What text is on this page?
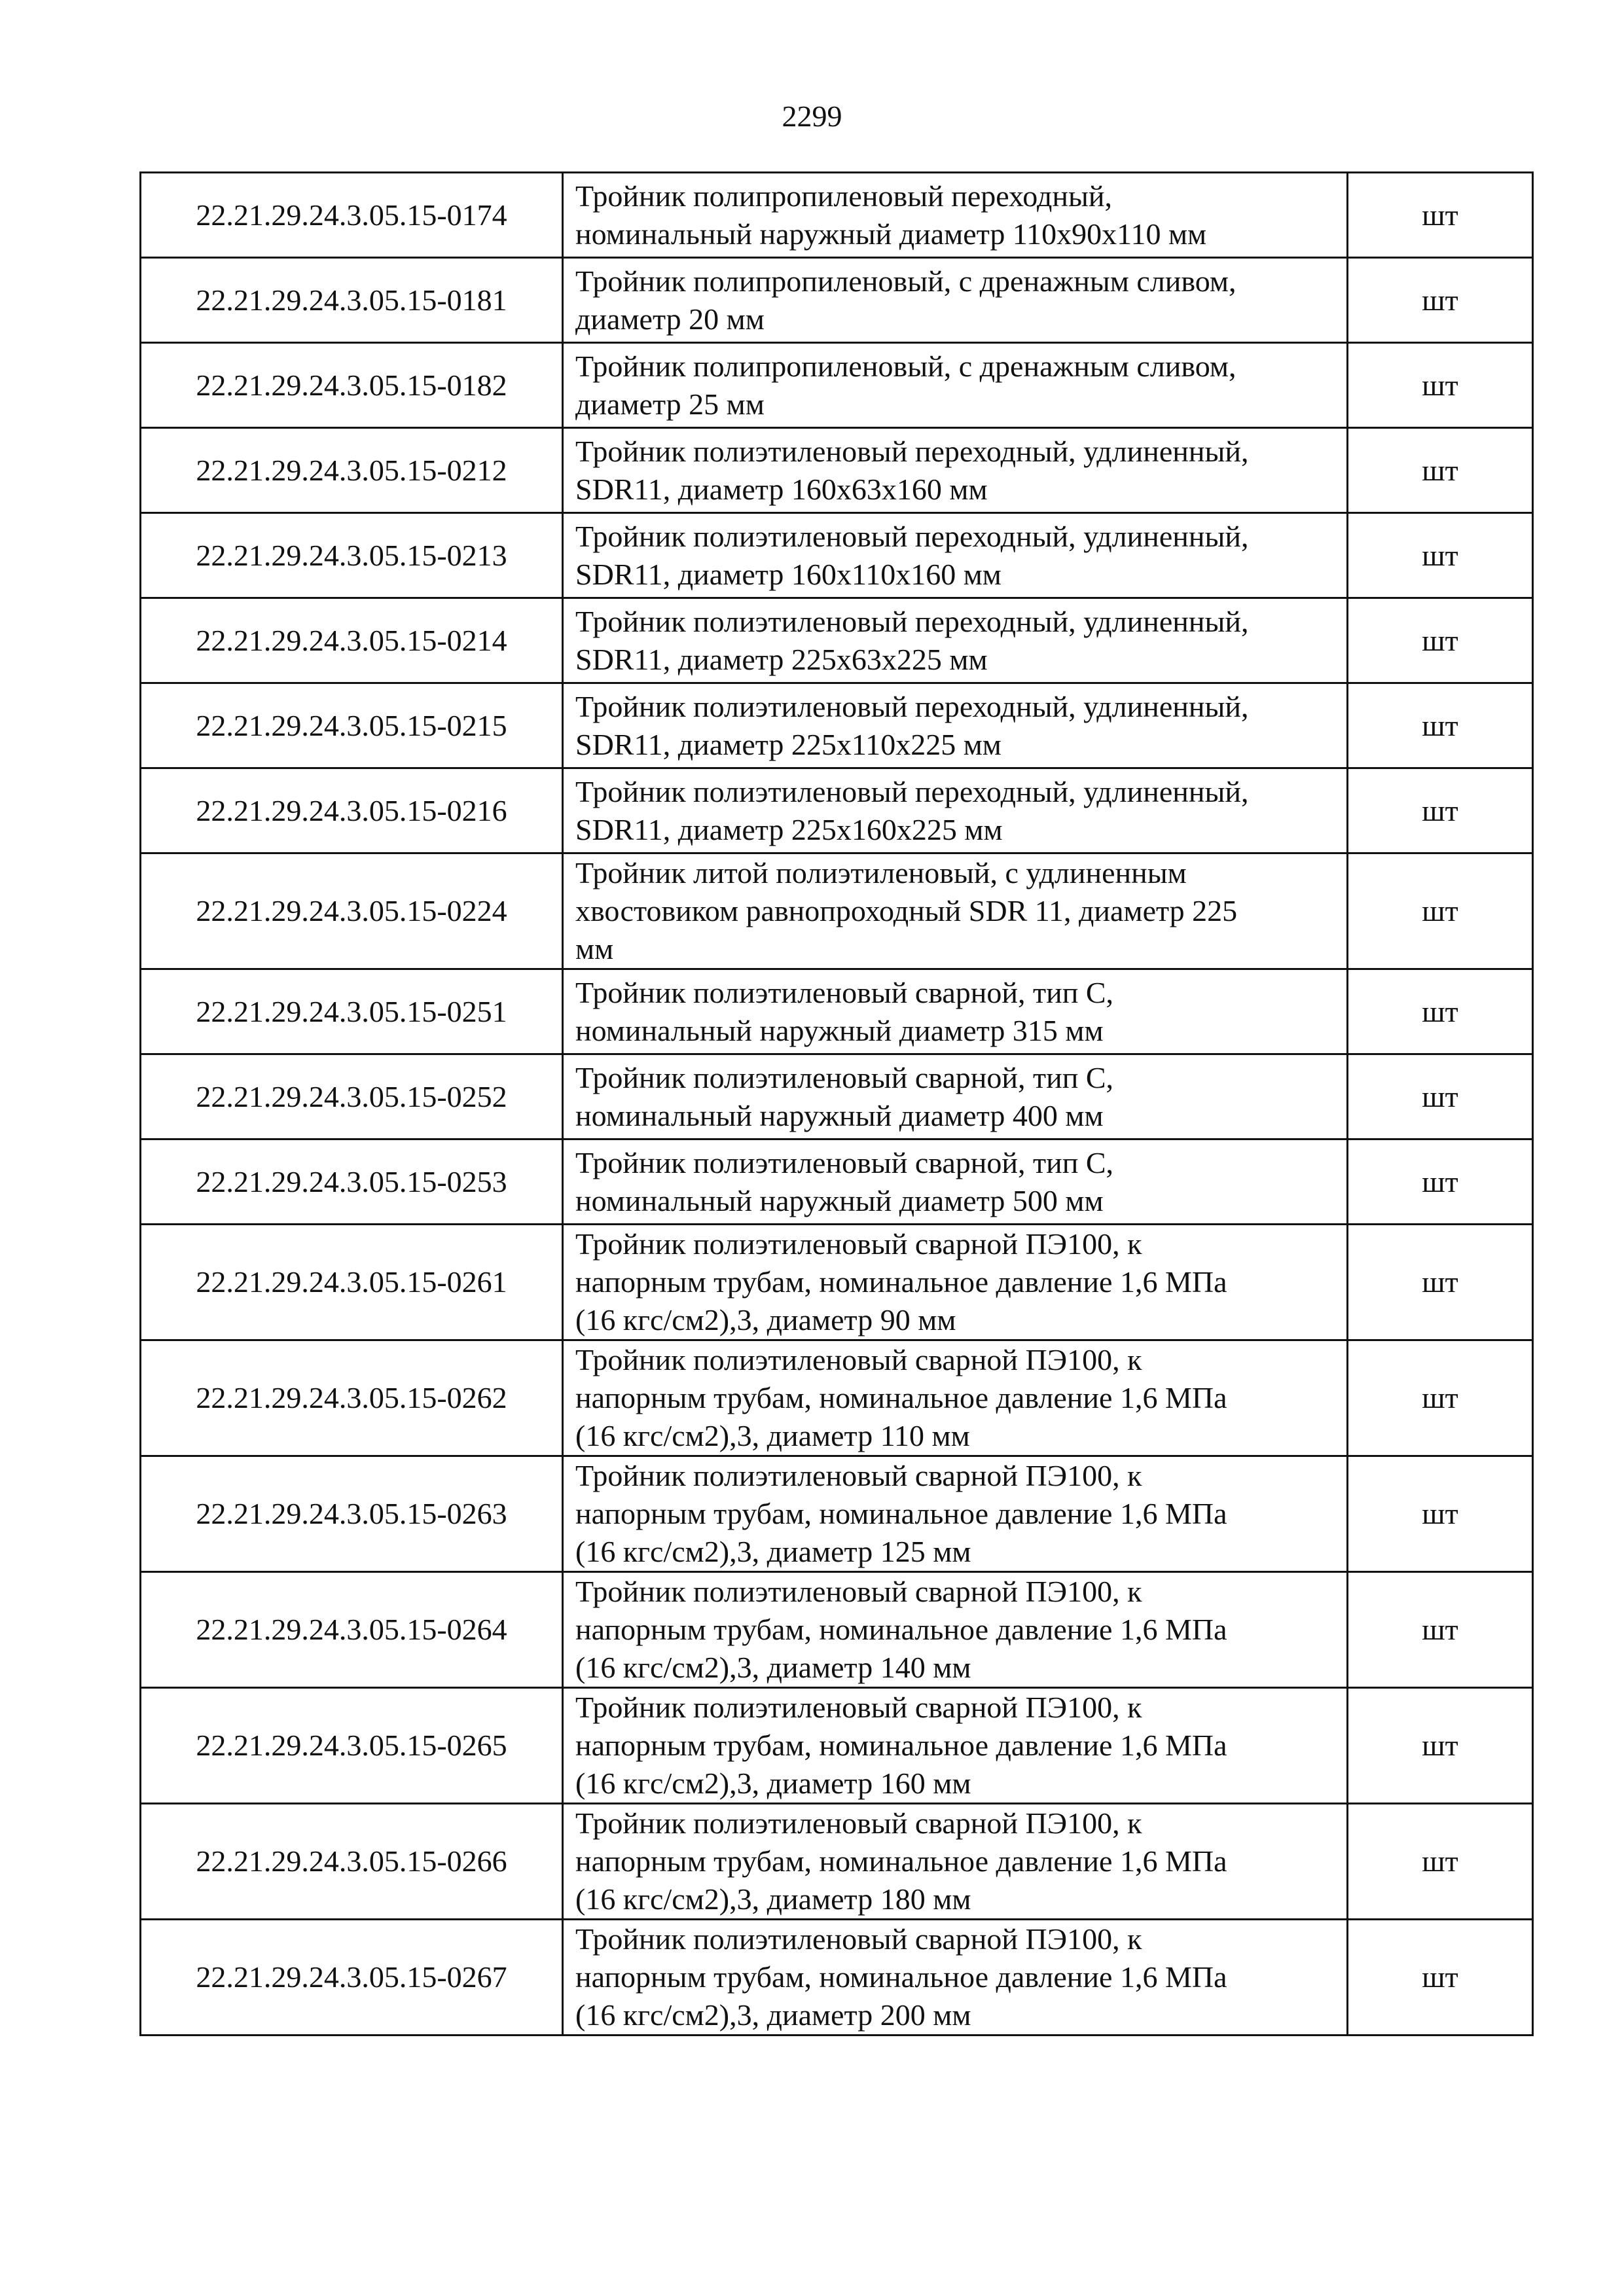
2299
22.21.29.24.3.05.15-0174	Тройник полипропиленовый переходный,
номинальный наружный диаметр 110х90х110 мм	шт
22.21.29.24.3.05.15-0181	Тройник полипропиленовый, с дренажным сливом,
диаметр 20 мм	шт
22.21.29.24.3.05.15-0182	Тройник полипропиленовый, с дренажным сливом,
диаметр 25 мм	шт
22.21.29.24.3.05.15-0212	Тройник полиэтиленовый переходный, удлиненный,
SDR11, диаметр 160х63х160 мм	шт
22.21.29.24.3.05.15-0213	Тройник полиэтиленовый переходный, удлиненный,
SDR11, диаметр 160х110х160 мм	шт
22.21.29.24.3.05.15-0214	Тройник полиэтиленовый переходный, удлиненный,
SDR11, диаметр 225х63х225 мм	шт
22.21.29.24.3.05.15-0215	Тройник полиэтиленовый переходный, удлиненный,
SDR11, диаметр 225х110х225 мм	шт
22.21.29.24.3.05.15-0216	Тройник полиэтиленовый переходный, удлиненный,
SDR11, диаметр 225х160х225 мм	шт
22.21.29.24.3.05.15-0224	Тройник литой полиэтиленовый, с удлиненным
хвостовиком равнопроходный SDR 11, диаметр 225
мм	шт
22.21.29.24.3.05.15-0251	Тройник полиэтиленовый сварной, тип С,
номинальный наружный диаметр 315 мм	шт
22.21.29.24.3.05.15-0252	Тройник полиэтиленовый сварной, тип С,
номинальный наружный диаметр 400 мм	шт
22.21.29.24.3.05.15-0253	Тройник полиэтиленовый сварной, тип С,
номинальный наружный диаметр 500 мм	шт
22.21.29.24.3.05.15-0261	Тройник полиэтиленовый сварной ПЭ100, к
напорным трубам, номинальное давление 1,6 МПа
(16 кгс/см2),3, диаметр 90 мм	шт
22.21.29.24.3.05.15-0262	Тройник полиэтиленовый сварной ПЭ100, к
напорным трубам, номинальное давление 1,6 МПа
(16 кгс/см2),3, диаметр 110 мм	шт
22.21.29.24.3.05.15-0263	Тройник полиэтиленовый сварной ПЭ100, к
напорным трубам, номинальное давление 1,6 МПа
(16 кгс/см2),3, диаметр 125 мм	шт
22.21.29.24.3.05.15-0264	Тройник полиэтиленовый сварной ПЭ100, к
напорным трубам, номинальное давление 1,6 МПа
(16 кгс/см2),3, диаметр 140 мм	шт
22.21.29.24.3.05.15-0265	Тройник полиэтиленовый сварной ПЭ100, к
напорным трубам, номинальное давление 1,6 МПа
(16 кгс/см2),3, диаметр 160 мм	шт
22.21.29.24.3.05.15-0266	Тройник полиэтиленовый сварной ПЭ100, к
напорным трубам, номинальное давление 1,6 МПа
(16 кгс/см2),3, диаметр 180 мм	шт
22.21.29.24.3.05.15-0267	Тройник полиэтиленовый сварной ПЭ100, к
напорным трубам, номинальное давление 1,6 МПа
(16 кгс/см2),3, диаметр 200 мм	шт
